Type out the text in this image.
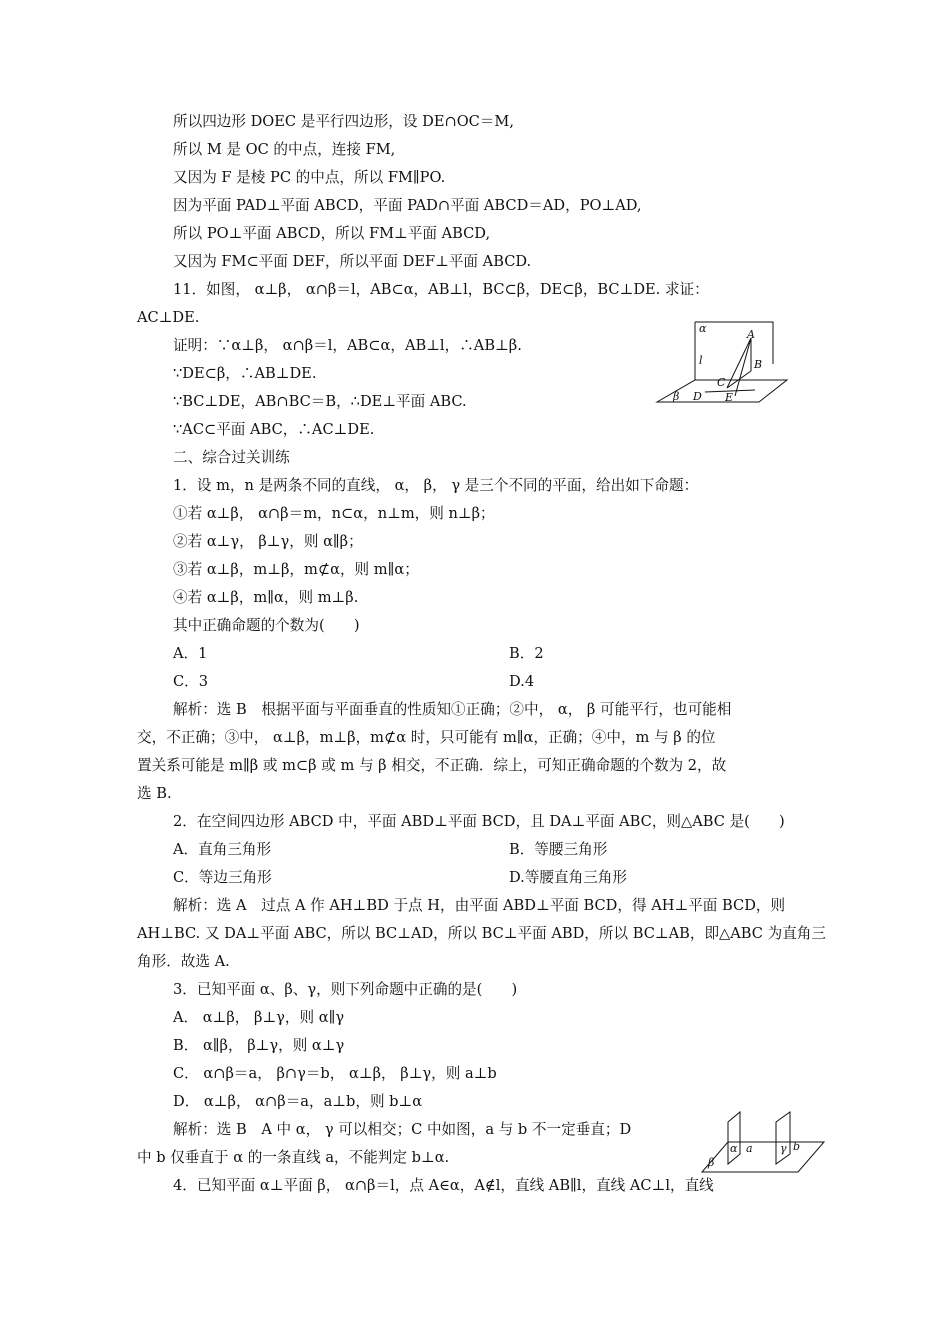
所以四边形 DOEC 是平行四边形，设 DE∩OC＝M,
所以 M 是 OC 的中点，连接 FM,
又因为 F 是棱 PC 的中点，所以 FM∥PO.
因为平面 PAD⊥平面 ABCD，平面 PAD∩平面 ABCD＝AD，PO⊥AD,
所以 PO⊥平面 ABCD，所以 FM⊥平面 ABCD,
又因为 FM⊂平面 DEF，所以平面 DEF⊥平面 ABCD.
11．如图， α⊥β， α∩β＝l，AB⊂α，AB⊥l，BC⊂β，DE⊂β，BC⊥DE. 求证：
AC⊥DE.
证明：∵α⊥β， α∩β＝l，AB⊂α，AB⊥l，∴AB⊥β.
∵DE⊂β，∴AB⊥DE.
∵BC⊥DE，AB∩BC＝B，∴DE⊥平面 ABC.
∵AC⊂平面 ABC，∴AC⊥DE.
二、综合过关训练
1．设 m，n 是两条不同的直线， α， β， γ 是三个不同的平面，给出如下命题：
①若 α⊥β， α∩β＝m，n⊂α，n⊥m，则 n⊥β；
②若 α⊥γ， β⊥γ，则 α∥β；
③若 α⊥β，m⊥β，m⊄α，则 m∥α；
④若 α⊥β，m∥α，则 m⊥β.
其中正确命题的个数为(　　)
A．1	B．2
C．3	D.4
解析：选 B　根据平面与平面垂直的性质知①正确；②中， α， β 可能平行，也可能相
交，不正确；③中， α⊥β，m⊥β，m⊄α 时，只可能有 m∥α，正确；④中，m 与 β 的位
置关系可能是 m∥β 或 m⊂β 或 m 与 β 相交，不正确．综上，可知正确命题的个数为 2，故
选 B.
2．在空间四边形 ABCD 中，平面 ABD⊥平面 BCD，且 DA⊥平面 ABC，则△ABC 是(　　)
A．直角三角形	B．等腰三角形
C．等边三角形	D.等腰直角三角形
解析：选 A　过点 A 作 AH⊥BD 于点 H，由平面 ABD⊥平面 BCD，得 AH⊥平面 BCD，则
AH⊥BC. 又 DA⊥平面 ABC，所以 BC⊥AD，所以 BC⊥平面 ABD，所以 BC⊥AB，即△ABC 为直角三
角形．故选 A.
3．已知平面 α、β、γ，则下列命题中正确的是(　　)
A． α⊥β， β⊥γ，则 α∥γ
B． α∥β， β⊥γ，则 α⊥γ
C． α∩β＝a， β∩γ＝b， α⊥β， β⊥γ，则 a⊥b
D． α⊥β， α∩β＝a，a⊥b，则 b⊥α
解析：选 B　A 中 α， γ 可以相交；C 中如图，a 与 b 不一定垂直；D
中 b 仅垂直于 α 的一条直线 a，不能判定 b⊥α.
4．已知平面 α⊥平面 β， α∩β＝l，点 A∈α，A∉l，直线 AB∥l，直线 AC⊥l，直线
α
l
A
B
C
β D E
β
α a γ b
